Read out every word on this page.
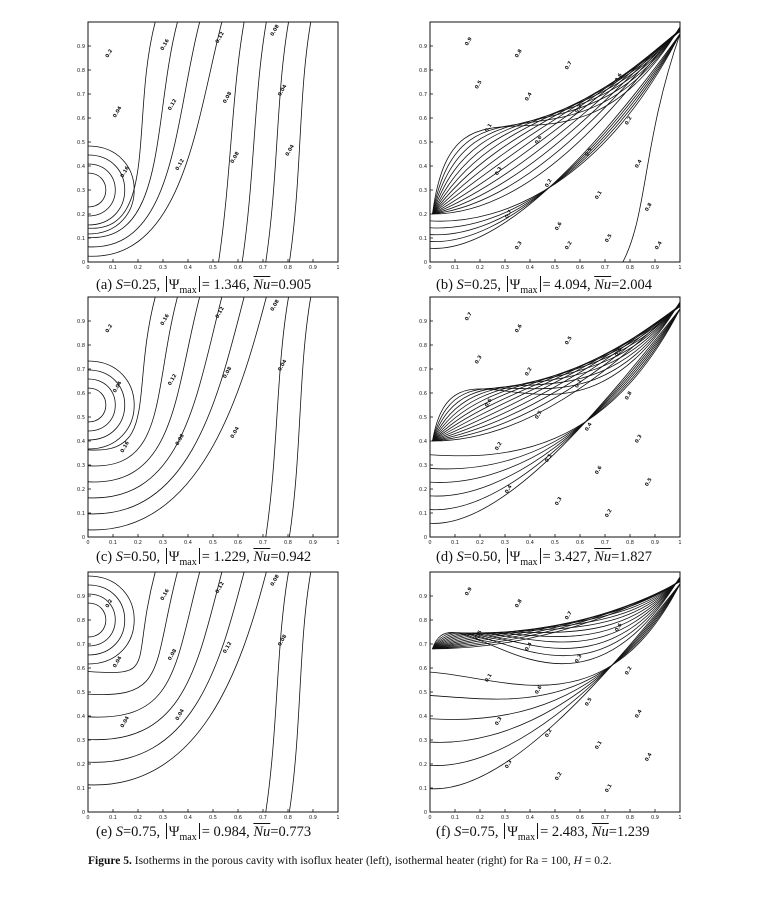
0	0.1	0.2	0.3	0.4	0.5	0.6	0.7	0.8	0.9	1
0
0.1
0.2
0.3
0.4
0.5
0.6
0.7
0.8
0.9
0.2
0.16
0.12
0.08
0.04
0.12
0.08
0.04
0.16
0.12
0.08
0.04
(a) S=0.25, $\Psi_{max} = 1.346$, $\overline{Nu}=0.905$
0	0.1	0.2	0.3	0.4	0.5	0.6	0.7	0.8	0.9	1
0
0.1
0.2
0.3
0.4
0.5
0.6
0.7
0.8
0.9	0.9
0.8
0.7
0.6
0.5
0.4
0.3
0.2
0.1
0.6
0.5
0.4
0.3
0.2
0.1
0.8
0.7
0.6
0.5
0.4
0.3	0.2
(b) S=0.25, $\Psi_{max} = 4.094$, $\overline{Nu}=2.004$
0	0.1	0.2	0.3	0.4	0.5	0.6	0.7	0.8	0.9	1
0
0.1
0.2
0.3
0.4
0.5
0.6
0.7
0.8
0.9
0.2
0.16
0.12
0.08
0.04
0.12
0.08
0.04
0.16
0.08
0.04
(c) S=0.50, $\Psi_{max} = 1.229$, $\overline{Nu}=0.942$
0	0.1	0.2	0.3	0.4	0.5	0.6	0.7	0.8	0.9	1
0
0.1
0.2
0.3
0.4
0.5
0.6
0.7
0.8
0.9	0.7
0.6
0.5
0.4
0.3
0.2
0.1
0.8
0.6
0.5
0.4
0.3
0.2
0.1
0.6
0.5
0.4
0.3
0.2
(d) S=0.50, $\Psi_{max} = 3.427$, $\overline{Nu}=1.827$
0	0.1	0.2	0.3	0.4	0.5	0.6	0.7	0.8	0.9	1
0
0.1
0.2
0.3
0.4
0.5
0.6
0.7
0.8
0.9
0.2
0.16
0.12
0.08
0.04
0.08
0.12
0.08
0.04
0.04
(e) S=0.75, $\Psi_{max} = 0.984$, $\overline{Nu}=0.773$
0	0.1	0.2	0.3	0.4	0.5	0.6	0.7	0.8	0.9	1
0
0.1
0.2
0.3
0.4
0.5
0.6
0.7
0.8
0.9	0.9
0.8
0.7
0.6
0.5
0.4
0.3
0.2
0.1
0.6
0.5
0.4
0.3
0.2
0.1
0.4
0.3
0.2
0.1
(f) S=0.75, $\Psi_{max} = 2.483$, $\overline{Nu}=1.239$
Figure 5. Isotherms in the porous cavity with isoflux heater (left), isothermal heater (right) for Ra = 100, H = 0.2.
